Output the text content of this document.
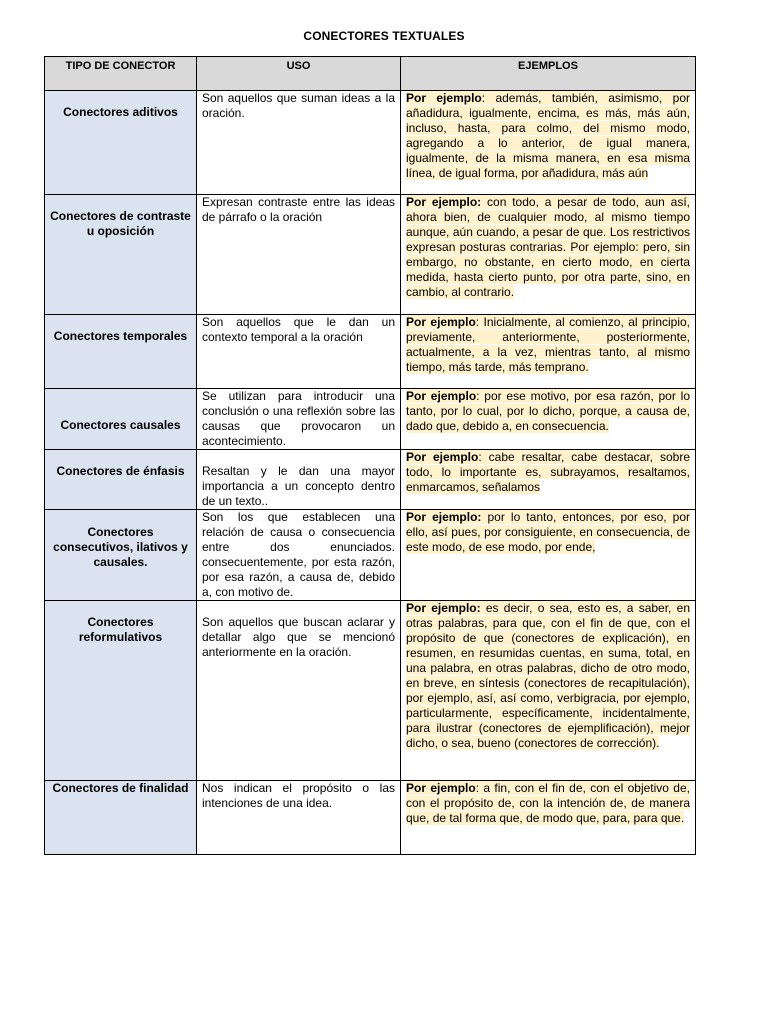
CONECTORES TEXTUALES
TIPO DE CONECTOR	USO	EJEMPLOS
Conectores aditivos	Son aquellos que suman ideas a la oración.	Por ejemplo: además, también, asimismo, por añadidura, igualmente, encima, es más, más aún, incluso, hasta, para colmo, del mismo modo, agregando a lo anterior, de igual manera, igualmente, de la misma manera, en esa misma línea, de igual forma, por añadidura, más aún
Conectores de contraste u oposición	Expresan contraste entre las ideas de párrafo o la oración	Por ejemplo: con todo, a pesar de todo, aun así, ahora bien, de cualquier modo, al mismo tiempo aunque, aún cuando, a pesar de que. Los restrictivos expresan posturas contrarias. Por ejemplo: pero, sin embargo, no obstante, en cierto modo, en cierta medida, hasta cierto punto, por otra parte, sino, en cambio, al contrario.
Conectores temporales	Son aquellos que le dan un contexto temporal a la oración	Por ejemplo: Inicialmente, al comienzo, al principio, previamente, anteriormente, posteriormente, actualmente, a la vez, mientras tanto, al mismo tiempo, más tarde, más temprano.
Conectores causales	Se utilizan para introducir una conclusión o una reflexión sobre las causas que provocaron un acontecimiento.	Por ejemplo: por ese motivo, por esa razón, por lo tanto, por lo cual, por lo dicho, porque, a causa de, dado que, debido a, en consecuencia.
Conectores de énfasis	Resaltan y le dan una mayor importancia a un concepto dentro de un texto..	Por ejemplo: cabe resaltar, cabe destacar, sobre todo, lo importante es, subrayamos, resaltamos, enmarcamos, señalamos
Conectores consecutivos, ilativos y causales.	Son los que establecen una relación de causa o consecuencia entre dos enunciados. consecuentemente, por esta razón, por esa razón, a causa de, debido a, con motivo de.	Por ejemplo: por lo tanto, entonces, por eso, por ello, así pues, por consiguiente, en consecuencia, de este modo, de ese modo, por ende,
Conectores reformulativos	Son aquellos que buscan aclarar y detallar algo que se mencionó anteriormente en la oración.	Por ejemplo: es decir, o sea, esto es, a saber, en otras palabras, para que, con el fin de que, con el propósito de que (conectores de explicación), en resumen, en resumidas cuentas, en suma, total, en una palabra, en otras palabras, dicho de otro modo, en breve, en síntesis (conectores de recapitulación), por ejemplo, así, así como, verbigracia, por ejemplo, particularmente, específicamente, incidentalmente, para ilustrar (conectores de ejemplificación), mejor dicho, o sea, bueno (conectores de corrección).
Conectores de finalidad	Nos indican el propósito o las intenciones de una idea.	Por ejemplo: a fin, con el fin de, con el objetivo de, con el propósito de, con la intención de, de manera que, de tal forma que, de modo que, para, para que.
